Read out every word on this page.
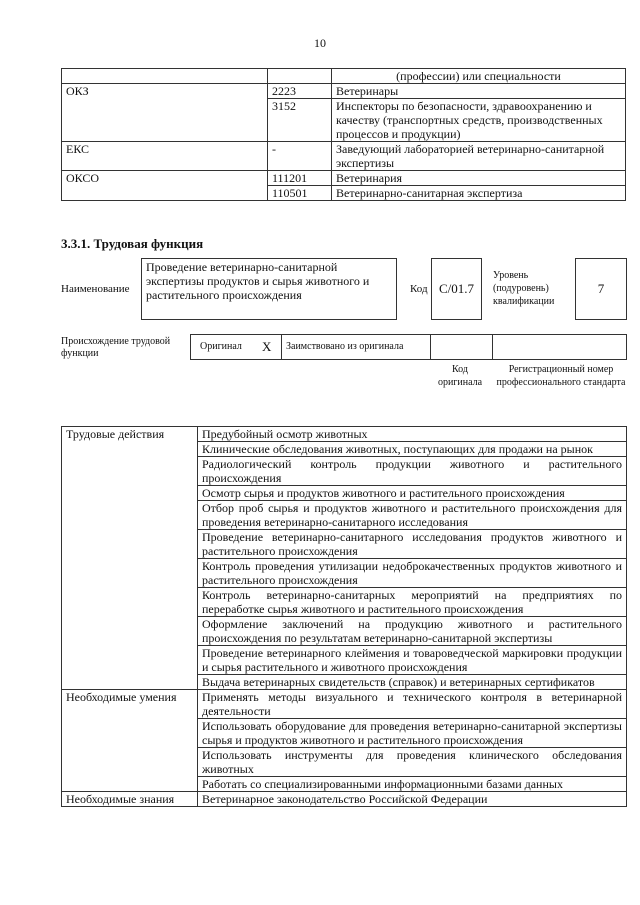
10
		(профессии) или специальности
ОКЗ	2223	Ветеринары
	3152	Инспекторы по безопасности, здравоохранению и качеству (транспортных средств, производственных процессов и продукции)
ЕКС	-	Заведующий лабораторией ветеринарно-санитарной экспертизы
ОКСО	111201	Ветеринария
	110501	Ветеринарно-санитарная экспертиза
3.3.1. Трудовая функция
Наименование
Проведение ветеринарно-санитарной экспертизы продуктов и сырья животного и растительного происхождения	Код C/01.7
Уровень (подуровень) квалификации
7
Происхождение трудовой функции
Оригинал X Заимствовано из оригинала
Код оригинала
Регистрационный номер профессионального стандарта
Трудовые действия	Предубойный осмотр животных
	Клинические обследования животных, поступающих для продажи на рынок
	Радиологический контроль продукции животного и растительного происхождения
	Осмотр сырья и продуктов животного и растительного происхождения
	Отбор проб сырья и продуктов животного и растительного происхождения для проведения ветеринарно-санитарного исследования
	Проведение ветеринарно-санитарного исследования продуктов животного и растительного происхождения
	Контроль проведения утилизации недоброкачественных продуктов животного и растительного происхождения
	Контроль ветеринарно-санитарных мероприятий на предприятиях по переработке сырья животного и растительного происхождения
	Оформление заключений на продукцию животного и растительного происхождения по результатам ветеринарно-санитарной экспертизы
	Проведение ветеринарного клеймения и товароведческой маркировки продукции и сырья растительного и животного происхождения
	Выдача ветеринарных свидетельств (справок) и ветеринарных сертификатов
Необходимые умения	Применять методы визуального и технического контроля в ветеринарной деятельности
	Использовать оборудование для проведения ветеринарно-санитарной экспертизы сырья и продуктов животного и растительного происхождения
	Использовать инструменты для проведения клинического обследования животных
	Работать со специализированными информационными базами данных
Необходимые знания	Ветеринарное законодательство Российской Федерации
